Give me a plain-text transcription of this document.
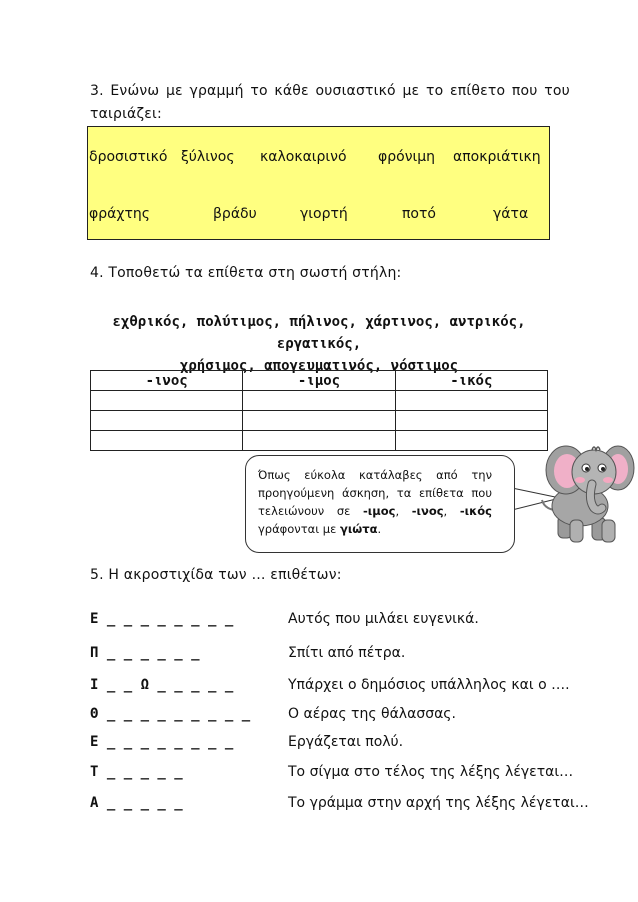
3. Ενώνω με γραμμή το κάθε ουσιαστικό με το επίθετο που του
ταιριάζει:
δροσιστικό ξύλινος καλοκαιρινό φρόνιμη αποκριάτικη
φράχτης	βράδυ	γιορτή	ποτό	γάτα
4. Τοποθετώ τα επίθετα στη σωστή στήλη:
εχθρικός, πολύτιμος, πήλινος, χάρτινος, αντρικός, εργατικός,
χρήσιμος, απογευματινός, νόστιμος
-ινος	-ιμος	-ικός

Όπως εύκολα κατάλαβες από την προηγούμενη άσκηση, τα επίθετα που τελειώνουν σε -ιμος, -ινος, -ικός γράφονται με γιώτα.
5. Η ακροστιχίδα των … επιθέτων:
Ε _ _ _ _ _ _ _ _	Αυτός που μιλάει ευγενικά.
Π _ _ _ _ _ _	Σπίτι από πέτρα.
Ι _ _ Ω _ _ _ _ _	Υπάρχει ο δημόσιος υπάλληλος και ο ….
Θ _ _ _ _ _ _ _ _ _	Ο αέρας της θάλασσας.
Ε _ _ _ _ _ _ _ _	Εργάζεται πολύ.
Τ _ _ _ _ _	Το σίγμα στο τέλος της λέξης λέγεται…
Α _ _ _ _ _	Το γράμμα στην αρχή της λέξης λέγεται…
